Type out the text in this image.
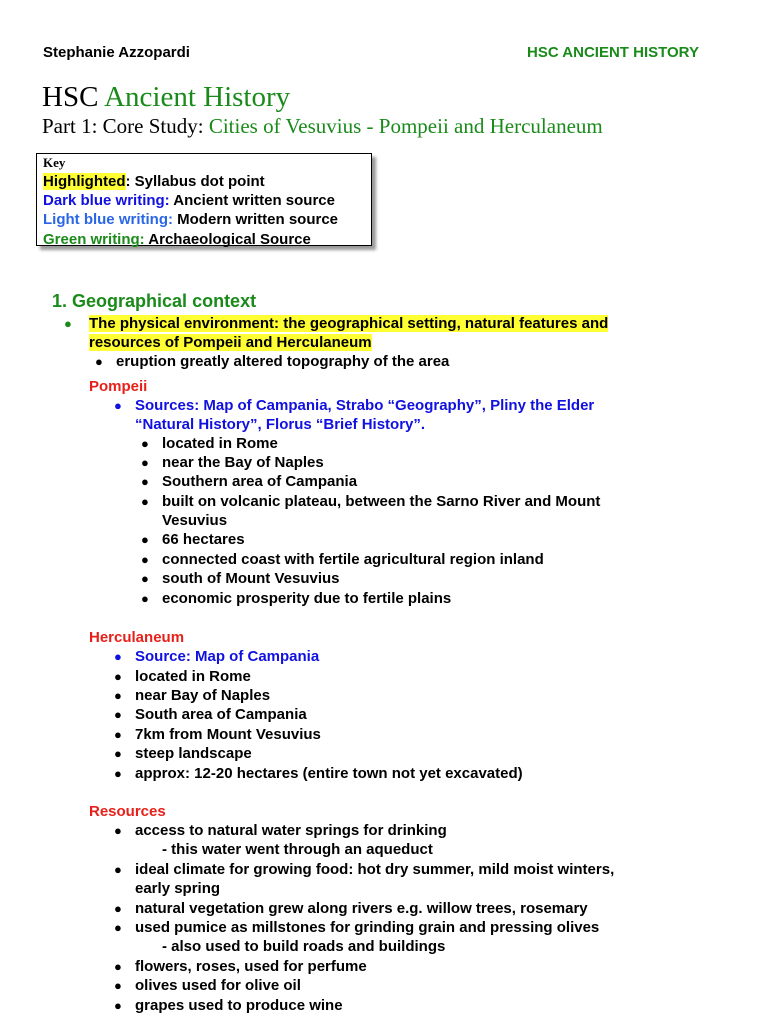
Stephanie Azzopardi	HSC ANCIENT HISTORY
HSC Ancient History
Part 1: Core Study: Cities of Vesuvius - Pompeii and Herculaneum
Key
Highlighted: Syllabus dot point
Dark blue writing: Ancient written source
Light blue writing: Modern written source
Green writing: Archaeological Source
1. Geographical context
● The physical environment: the geographical setting, natural features and
resources of Pompeii and Herculaneum
● eruption greatly altered topography of the area
Pompeii
● Sources: Map of Campania, Strabo “Geography”, Pliny the Elder
“Natural History”, Florus “Brief History”.
● located in Rome
● near the Bay of Naples
● Southern area of Campania
● built on volcanic plateau, between the Sarno River and Mount
Vesuvius
● 66 hectares
● connected coast with fertile agricultural region inland
● south of Mount Vesuvius
● economic prosperity due to fertile plains
Herculaneum
● Source: Map of Campania
● located in Rome
● near Bay of Naples
● South area of Campania
● 7km from Mount Vesuvius
● steep landscape
● approx: 12-20 hectares (entire town not yet excavated)
Resources
● access to natural water springs for drinking
- this water went through an aqueduct
● ideal climate for growing food: hot dry summer, mild moist winters,
early spring
● natural vegetation grew along rivers e.g. willow trees, rosemary
● used pumice as millstones for grinding grain and pressing olives
- also used to build roads and buildings
● flowers, roses, used for perfume
● olives used for olive oil
● grapes used to produce wine
